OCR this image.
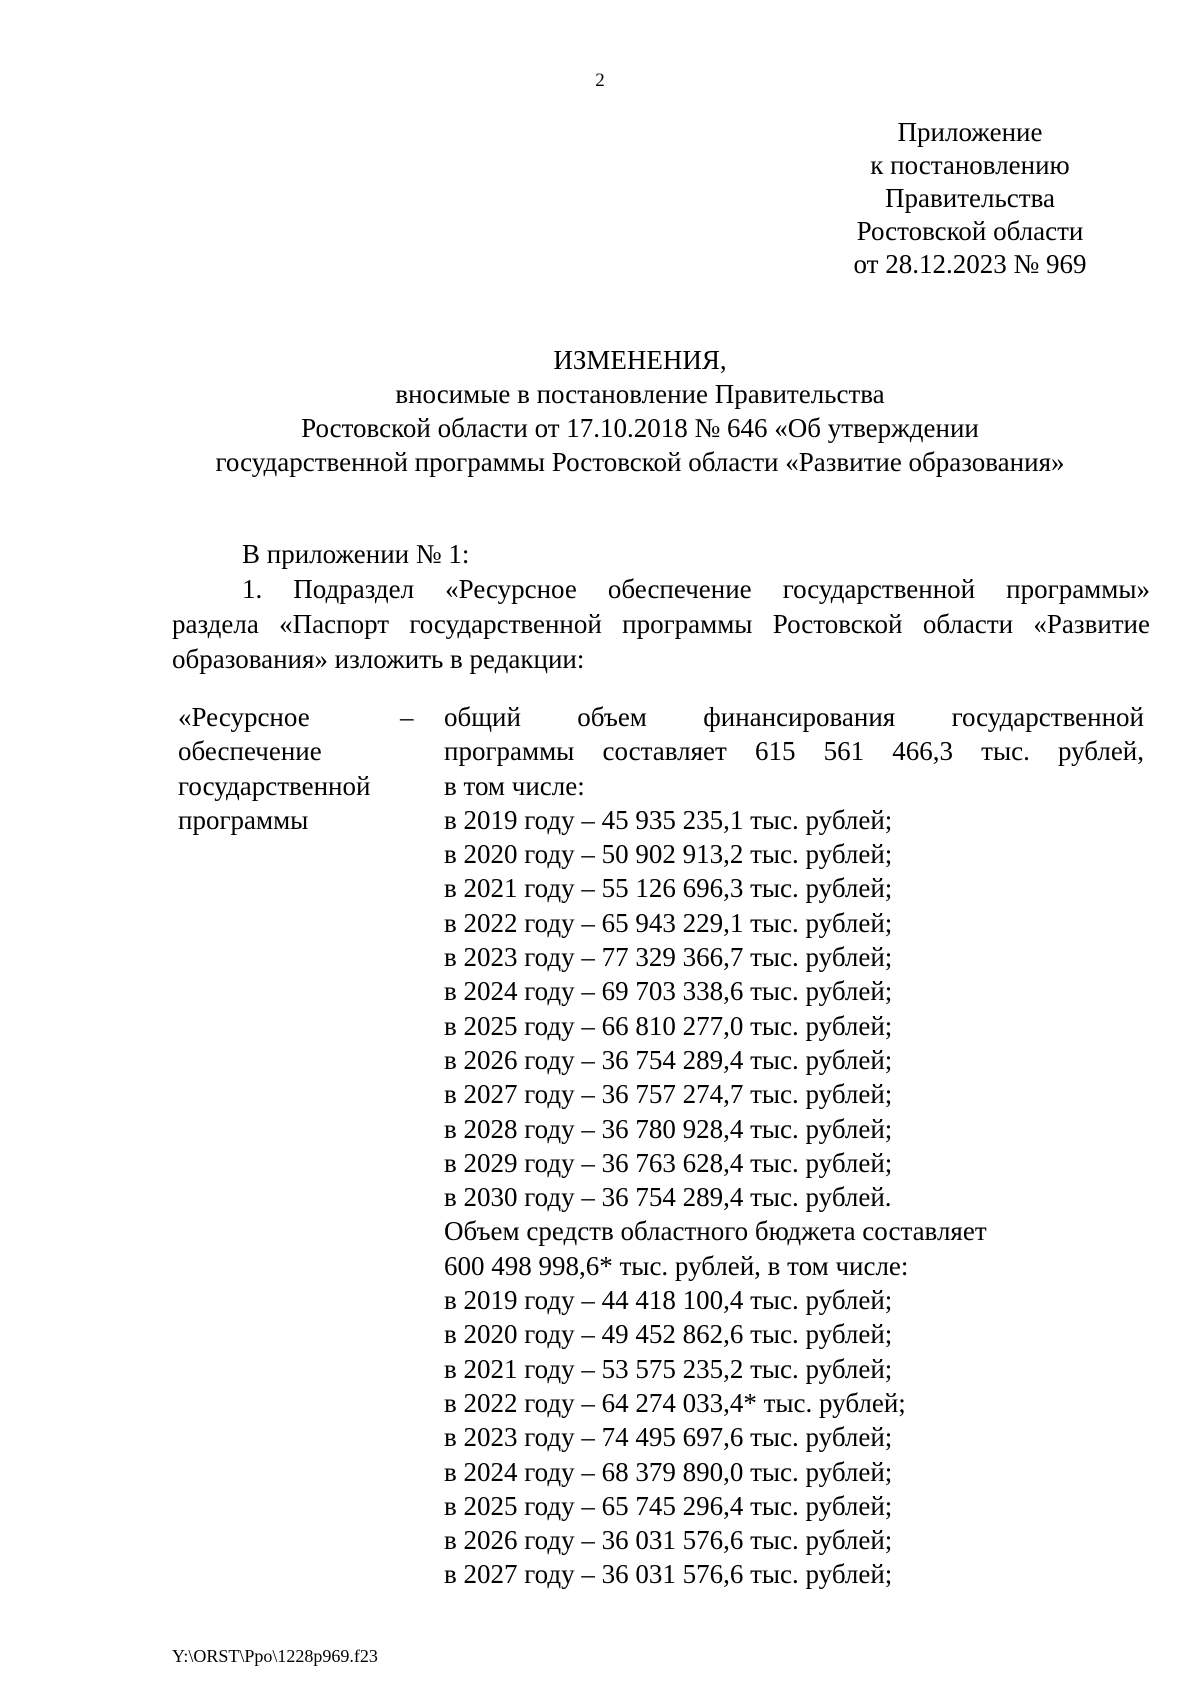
2
Приложение
к постановлению
Правительства
Ростовской области
от 28.12.2023 № 969
ИЗМЕНЕНИЯ,
вносимые в постановление Правительства
Ростовской области от 17.10.2018 № 646 «Об утверждении
государственной программы Ростовской области «Развитие образования»
В приложении № 1:
1. Подраздел «Ресурсное обеспечение государственной программы»
раздела «Паспорт государственной программы Ростовской области «Развитие
образования» изложить в редакции:
«Ресурсное
обеспечение
государственной
программы
– общий объем финансирования государственной
программы составляет 615 561 466,3 тыс. рублей,
в том числе:
в 2019 году – 45 935 235,1 тыс. рублей;
в 2020 году – 50 902 913,2 тыс. рублей;
в 2021 году – 55 126 696,3 тыс. рублей;
в 2022 году – 65 943 229,1 тыс. рублей;
в 2023 году – 77 329 366,7 тыс. рублей;
в 2024 году – 69 703 338,6 тыс. рублей;
в 2025 году – 66 810 277,0 тыс. рублей;
в 2026 году – 36 754 289,4 тыс. рублей;
в 2027 году – 36 757 274,7 тыс. рублей;
в 2028 году – 36 780 928,4 тыс. рублей;
в 2029 году – 36 763 628,4 тыс. рублей;
в 2030 году – 36 754 289,4 тыс. рублей.
Объем средств областного бюджета составляет
600 498 998,6* тыс. рублей, в том числе:
в 2019 году – 44 418 100,4 тыс. рублей;
в 2020 году – 49 452 862,6 тыс. рублей;
в 2021 году – 53 575 235,2 тыс. рублей;
в 2022 году – 64 274 033,4* тыс. рублей;
в 2023 году – 74 495 697,6 тыс. рублей;
в 2024 году – 68 379 890,0 тыс. рублей;
в 2025 году – 65 745 296,4 тыс. рублей;
в 2026 году – 36 031 576,6 тыс. рублей;
в 2027 году – 36 031 576,6 тыс. рублей;
Y:\ORST\Ppo\1228p969.f23
